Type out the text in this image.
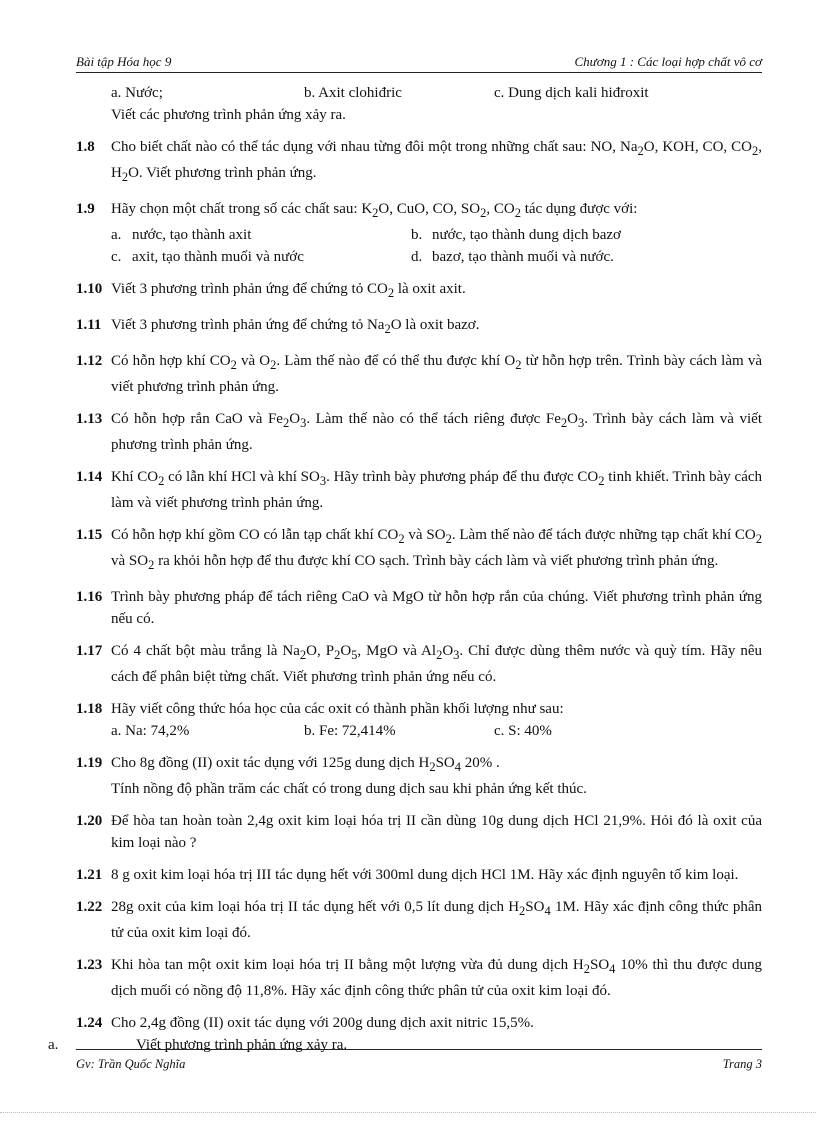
Bài tập Hóa học 9	Chương 1 : Các loại hợp chất vô cơ
a. Nước;	b. Axit clohiđric	c. Dung dịch kali hiđroxit

Viết các phương trình phản ứng xảy ra.

1.8 Cho biết chất nào có thể tác dụng với nhau từng đôi một trong những chất sau: NO, $Na_2O$, KOH, CO, $CO_2$, $H_2O$. Viết phương trình phản ứng.

1.9 Hãy chọn một chất trong số các chất sau: $K_2O$, CuO, CO, $SO_2$, $CO_2$ tác dụng được với:

a. nước, tạo thành axit	b. nước, tạo thành dung dịch bazơ
c. axit, tạo thành muối và nước	d. bazơ, tạo thành muối và nước.
1.10 Viết 3 phương trình phản ứng để chứng tỏ $CO_2$ là oxit axit.

1.11 Viết 3 phương trình phản ứng để chứng tỏ $Na_2O$ là oxit bazơ.

1.12 Có hỗn hợp khí $CO_2$ và $O_2$. Làm thế nào để có thể thu được khí $O_2$ từ hỗn hợp trên. Trình bày cách làm và viết phương trình phản ứng.

1.13 Có hỗn hợp rắn CaO và $Fe_2O_3$. Làm thế nào có thể tách riêng được $Fe_2O_3$. Trình bày cách làm và viết phương trình phản ứng.

1.14 Khí $CO_2$ có lẫn khí HCl và khí $SO_3$. Hãy trình bày phương pháp để thu được $CO_2$ tinh khiết. Trình bày cách làm và viết phương trình phản ứng.

1.15 Có hỗn hợp khí gồm CO có lẫn tạp chất khí $CO_2$ và $SO_2$. Làm thế nào để tách được những tạp chất khí $CO_2$ và $SO_2$ ra khỏi hỗn hợp để thu được khí CO sạch. Trình bày cách làm và viết phương trình phản ứng.

1.16 Trình bày phương pháp để tách riêng CaO và MgO từ hỗn hợp rắn của chúng. Viết phương trình phản ứng nếu có.

1.17 Có 4 chất bột màu trắng là $Na_2O$, $P_2O_5$, MgO và $Al_2O_3$. Chỉ được dùng thêm nước và quỳ tím. Hãy nêu cách để phân biệt từng chất. Viết phương trình phản ứng nếu có.

1.18 Hãy viết công thức hóa học của các oxit có thành phần khối lượng như sau:

a. Na: 74,2%	b. Fe: 72,414%	c. S: 40%
1.19 Cho 8g đồng (II) oxit tác dụng với 125g dung dịch $H_2SO_4$ 20% .

Tính nồng độ phần trăm các chất có trong dung dịch sau khi phản ứng kết thúc.

1.20 Để hòa tan hoàn toàn 2,4g oxit kim loại hóa trị II cần dùng 10g dung dịch HCl 21,9%. Hỏi đó là oxit của kim loại nào ?

1.21 8 g oxit kim loại hóa trị III tác dụng hết với 300ml dung dịch HCl 1M. Hãy xác định nguyên tố kim loại.

1.22 28g oxit của kim loại hóa trị II tác dụng hết với 0,5 lít dung dịch $H_2SO_4$ 1M. Hãy xác định công thức phân tử của oxit kim loại đó.

1.23 Khi hòa tan một oxit kim loại hóa trị II bằng một lượng vừa đủ dung dịch $H_2SO_4$ 10% thì thu được dung dịch muối có nồng độ 11,8%. Hãy xác định công thức phân tử của oxit kim loại đó.

1.24 Cho 2,4g đồng (II) oxit tác dụng với 200g dung dịch axit nitric 15,5%.

a.	Viết phương trình phản ứng xảy ra.
Gv: Trần Quốc Nghĩa	Trang 3
